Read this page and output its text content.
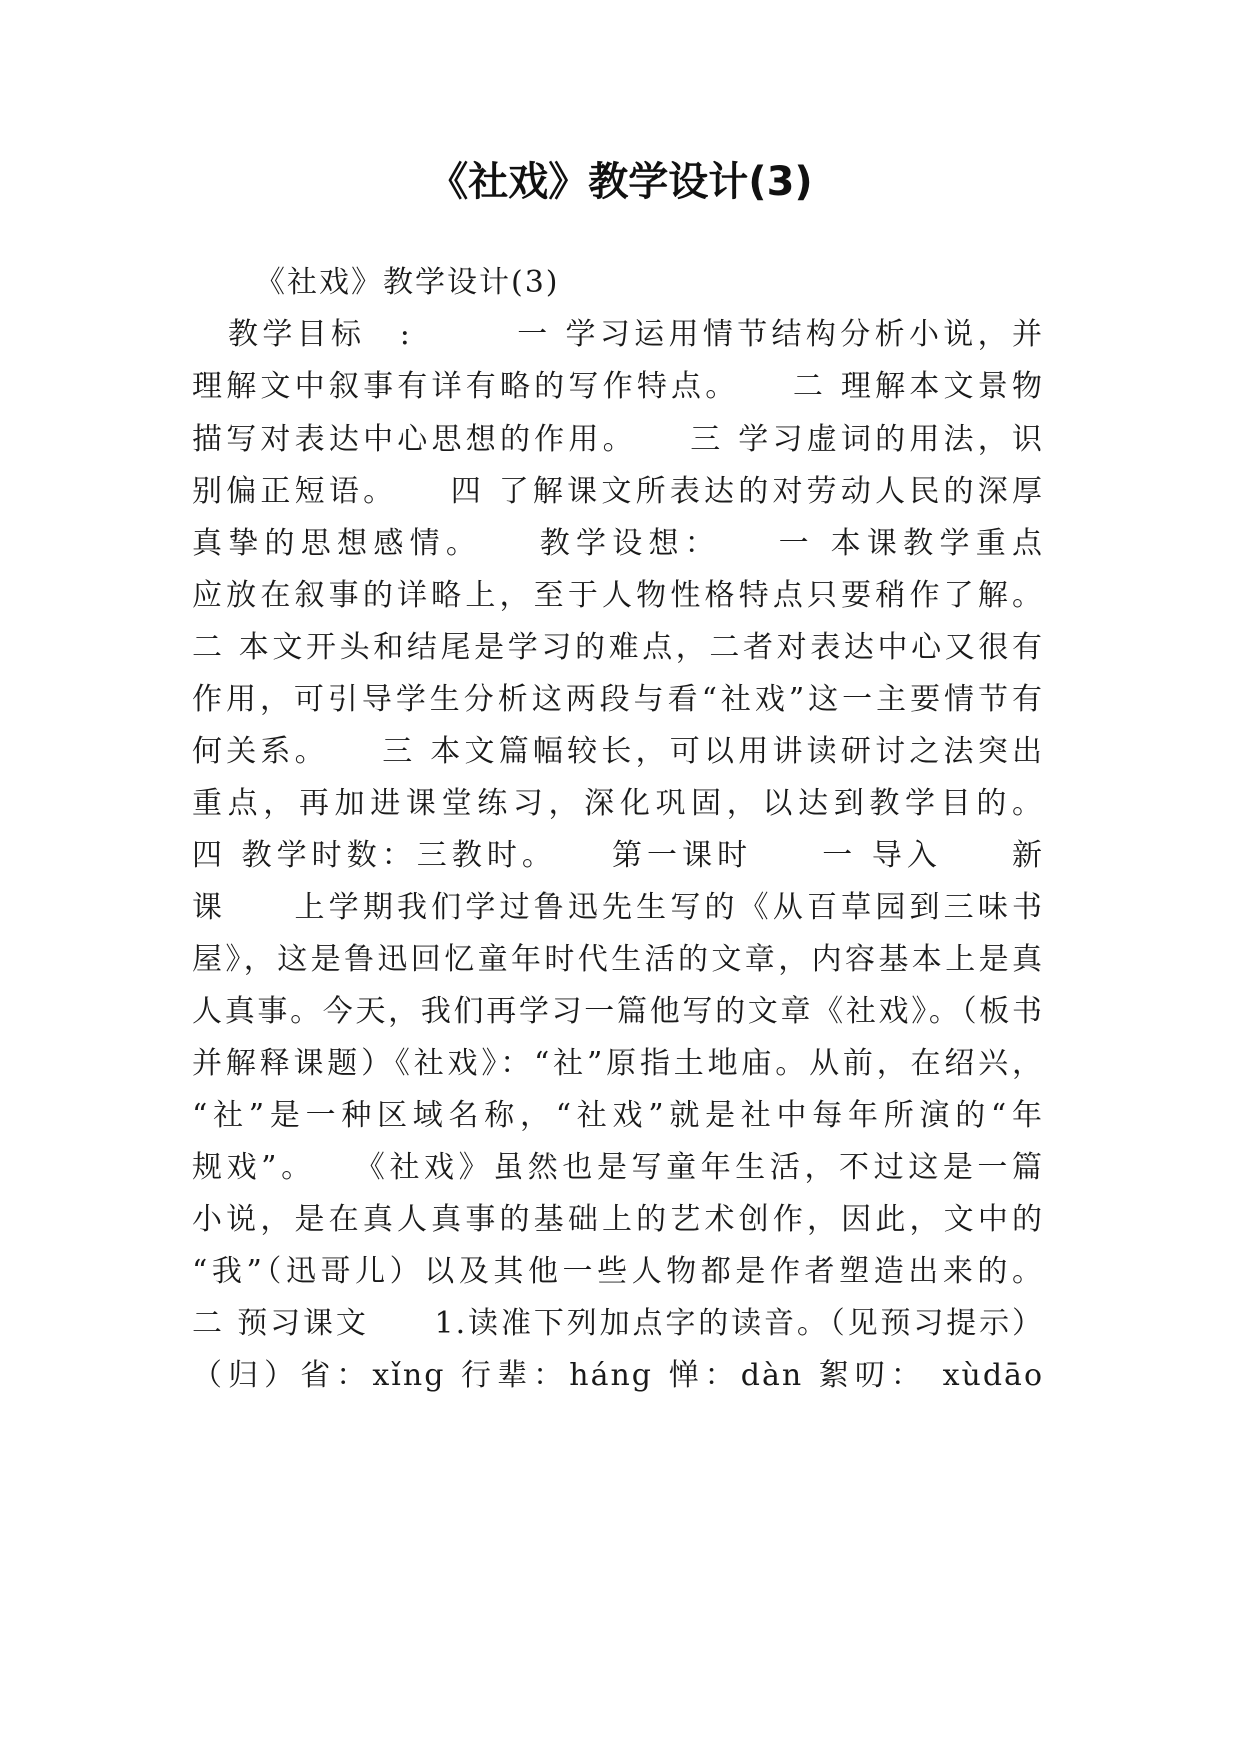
《社戏》教学设计(3)
《社戏》教学设计(3)
教学目标　:　　　一 学习运用情节结构分析小说，并
理解文中叙事有详有略的写作特点。　　二 理解本文景物
描写对表达中心思想的作用。　　三 学习虚词的用法，识
别偏正短语。　　四 了解课文所表达的对劳动人民的深厚
真挚的思想感情。　　教学设想：　　一 本课教学重点
应放在叙事的详略上，至于人物性格特点只要稍作了解。
二 本文开头和结尾是学习的难点，二者对表达中心又很有
作用，可引导学生分析这两段与看“社戏”这一主要情节有
何关系。　　三 本文篇幅较长，可以用讲读研讨之法突出
重点，再加进课堂练习，深化巩固，以达到教学目的。
四 教学时数：三教时。　　第一课时　　一 导入　　新
课　　上学期我们学过鲁迅先生写的《从百草园到三味书
屋》，这是鲁迅回忆童年时代生活的文章，内容基本上是真
人真事。今天，我们再学习一篇他写的文章《社戏》。（板书
并解释课题）《社戏》：“社”原指土地庙。从前，在绍兴，
“社”是一种区域名称，“社戏”就是社中每年所演的“年
规戏”。　　《社戏》虽然也是写童年生活，不过这是一篇
小说，是在真人真事的基础上的艺术创作，因此，文中的
“我”（迅哥儿）以及其他一些人物都是作者塑造出来的。
二 预习课文　　1.读准下列加点字的读音。（见预习提示）
（归）省：xǐng 行辈：háng 惮：dàn 絮叨： xùdāo
